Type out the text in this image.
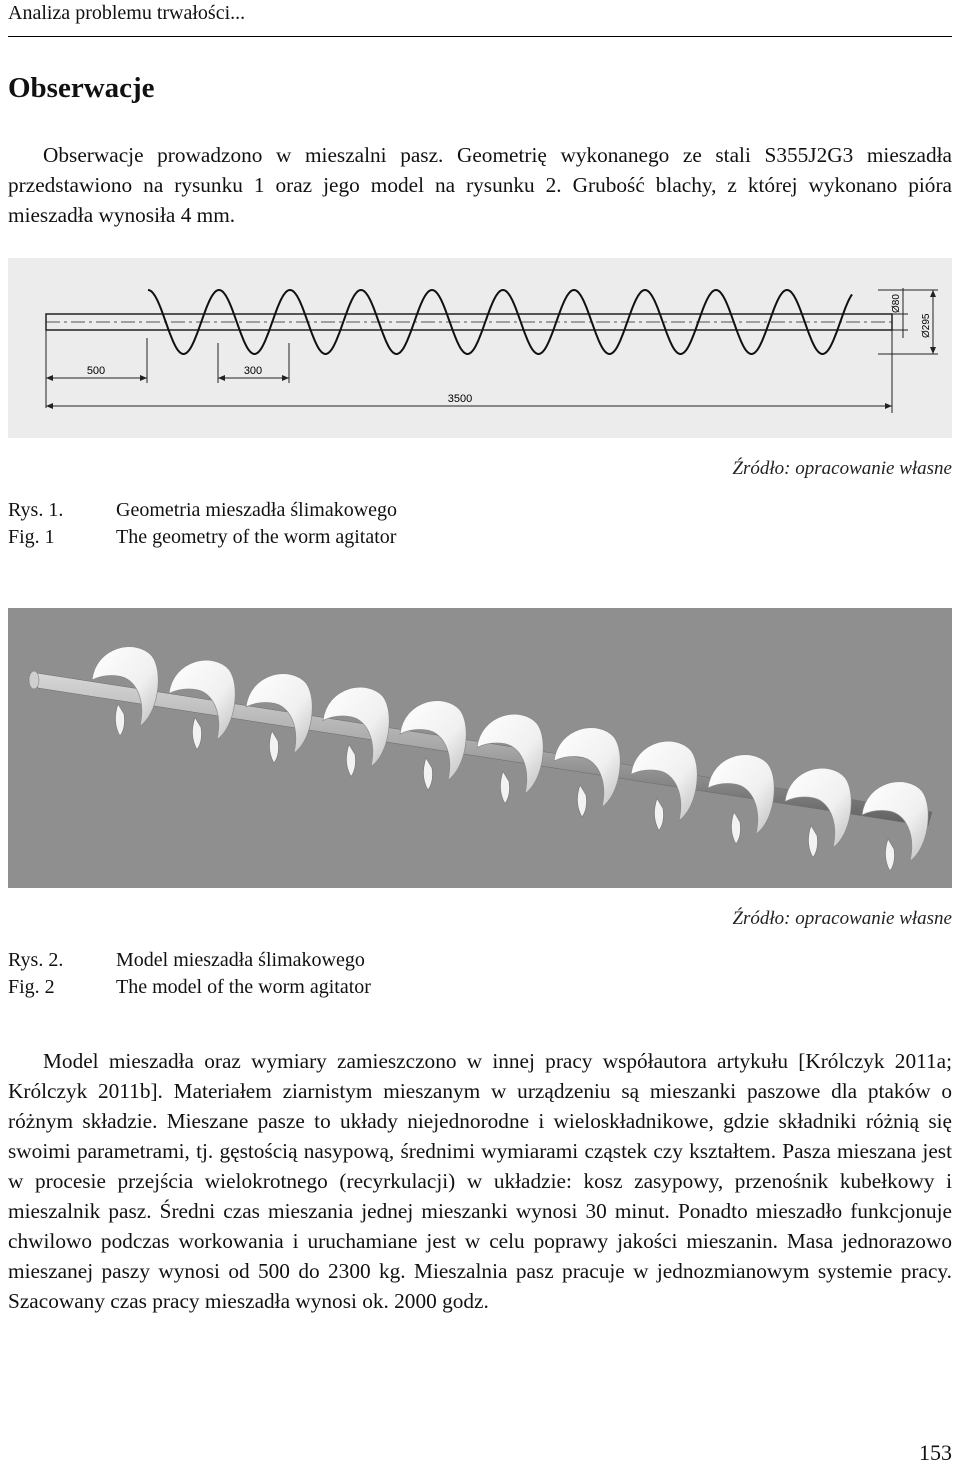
Analiza problemu trwałości...
Obserwacje

Obserwacje prowadzono w mieszalni pasz. Geometrię wykonanego ze stali S355J2G3 mieszadła przedstawiono na rysunku 1 oraz jego model na rysunku 2. Grubość blachy, z której wykonano pióra mieszadła wynosiła 4 mm.

500	300
3500
Ø80
Ø295
Źródło: opracowanie własne
Rys. 1.
Fig. 1
Geometria mieszadła ślimakowego
The geometry of the worm agitator
Źródło: opracowanie własne
Rys. 2.
Fig. 2
Model mieszadła ślimakowego
The model of the worm agitator

Model mieszadła oraz wymiary zamieszczono w innej pracy współautora artykułu [Królczyk 2011a; Królczyk 2011b]. Materiałem ziarnistym mieszanym w urządzeniu są mieszanki paszowe dla ptaków o różnym składzie. Mieszane pasze to układy niejednorodne i wieloskładnikowe, gdzie składniki różnią się swoimi parametrami, tj. gęstością nasypową, średnimi wymiarami cząstek czy kształtem. Pasza mieszana jest w procesie przejścia wielokrotnego (recyrkulacji) w układzie: kosz zasypowy, przenośnik kubełkowy i mieszalnik pasz. Średni czas mieszania jednej mieszanki wynosi 30 minut. Ponadto mieszadło funkcjonuje chwilowo podczas workowania i uruchamiane jest w celu poprawy jakości mieszanin. Masa jednorazowo mieszanej paszy wynosi od 500 do 2300 kg. Mieszalnia pasz pracuje w jednozmianowym systemie pracy. Szacowany czas pracy mieszadła wynosi ok. 2000 godz.

153
